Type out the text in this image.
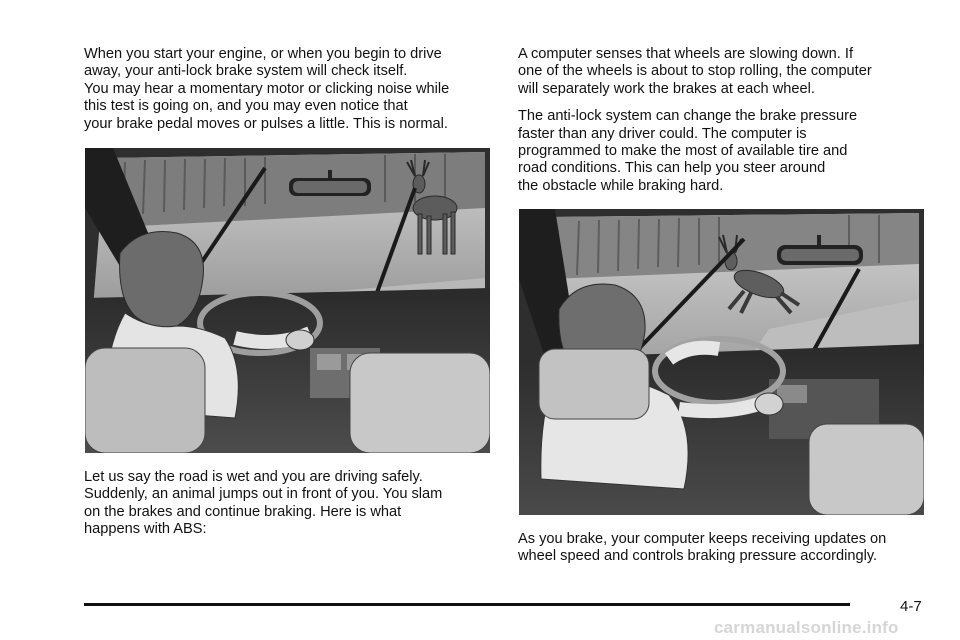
When you start your engine, or when you begin to drive
away, your anti-lock brake system will check itself.
You may hear a momentary motor or clicking noise while
this test is going on, and you may even notice that
your brake pedal moves or pulses a little. This is normal.

Let us say the road is wet and you are driving safely.
Suddenly, an animal jumps out in front of you. You slam
on the brakes and continue braking. Here is what
happens with ABS:

A computer senses that wheels are slowing down. If
one of the wheels is about to stop rolling, the computer
will separately work the brakes at each wheel.

The anti-lock system can change the brake pressure
faster than any driver could. The computer is
programmed to make the most of available tire and
road conditions. This can help you steer around
the obstacle while braking hard.

As you brake, your computer keeps receiving updates on
wheel speed and controls braking pressure accordingly.

4-7
carmanualsonline.info
